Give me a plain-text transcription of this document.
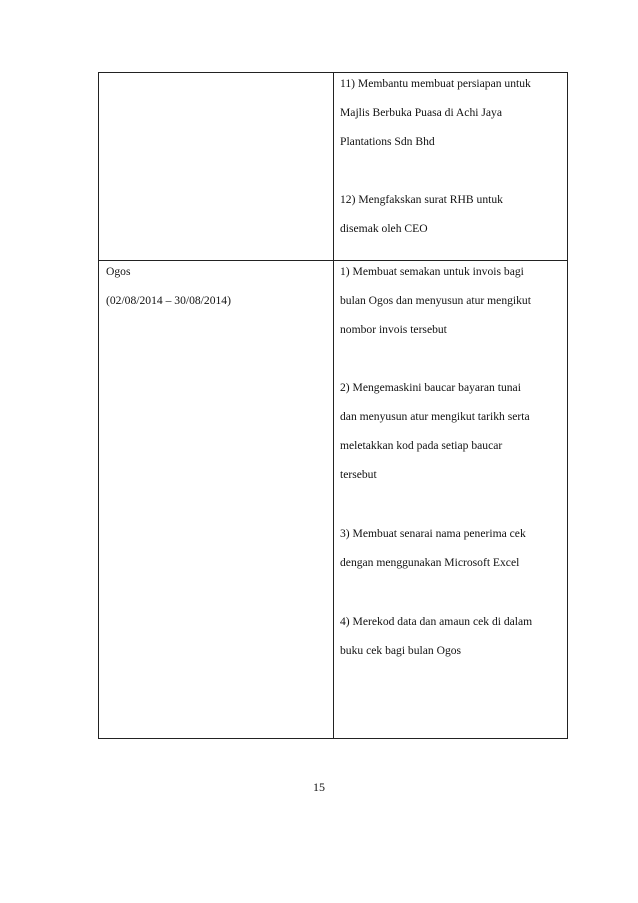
11) Membantu membuat persiapan untuk
Majlis Berbuka Puasa di Achi Jaya
Plantations Sdn Bhd
12) Mengfakskan surat RHB untuk
disemak oleh CEO
Ogos
(02/08/2014 – 30/08/2014)
1) Membuat semakan untuk invois bagi
bulan Ogos dan menyusun atur mengikut
nombor invois tersebut
2) Mengemaskini baucar bayaran tunai
dan menyusun atur mengikut tarikh serta
meletakkan kod pada setiap baucar
tersebut
3) Membuat senarai nama penerima cek
dengan menggunakan Microsoft Excel
4) Merekod data dan amaun cek di dalam
buku cek bagi bulan Ogos
15
